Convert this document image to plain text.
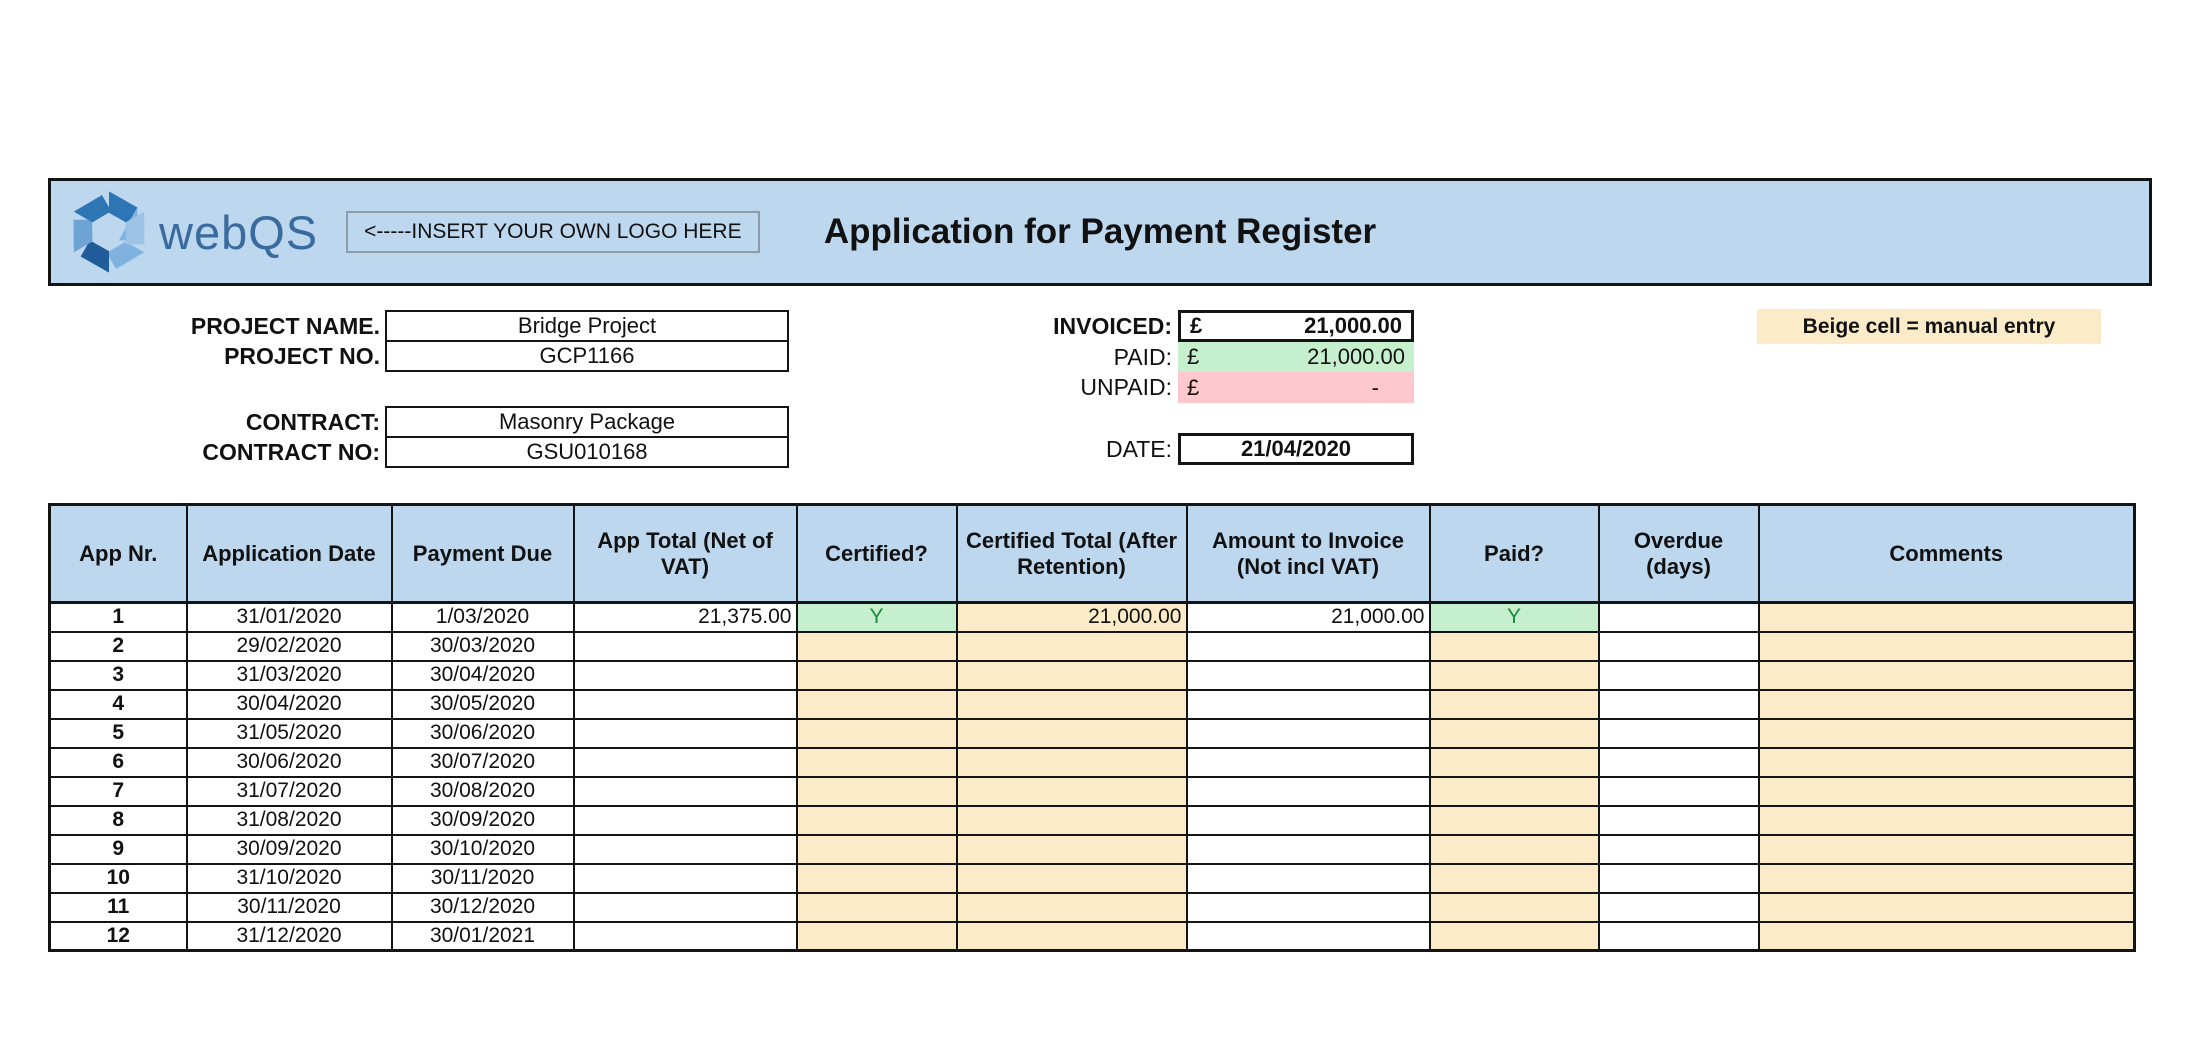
webQS	<-----INSERT YOUR OWN LOGO HERE	Application for Payment Register
PROJECT NAME.	Bridge Project
PROJECT NO.	GCP1166
CONTRACT:	Masonry Package
CONTRACT NO:	GSU010168
INVOICED: £	21,000.00
PAID: £	21,000.00
UNPAID: £	-
DATE:	21/04/2020
Beige cell = manual entry
App Nr.	Application Date	Payment Due	App Total (Net of VAT)	Certified?	Certified Total (After Retention)	Amount to Invoice (Not incl VAT)	Paid?	Overdue (days)	Comments
1	31/01/2020	1/03/2020	21,375.00	Y	21,000.00	21,000.00	Y		
2	29/02/2020	30/03/2020							
3	31/03/2020	30/04/2020							
4	30/04/2020	30/05/2020							
5	31/05/2020	30/06/2020							
6	30/06/2020	30/07/2020							
7	31/07/2020	30/08/2020							
8	31/08/2020	30/09/2020							
9	30/09/2020	30/10/2020							
10	31/10/2020	30/11/2020							
11	30/11/2020	30/12/2020							
12	31/12/2020	30/01/2021							
